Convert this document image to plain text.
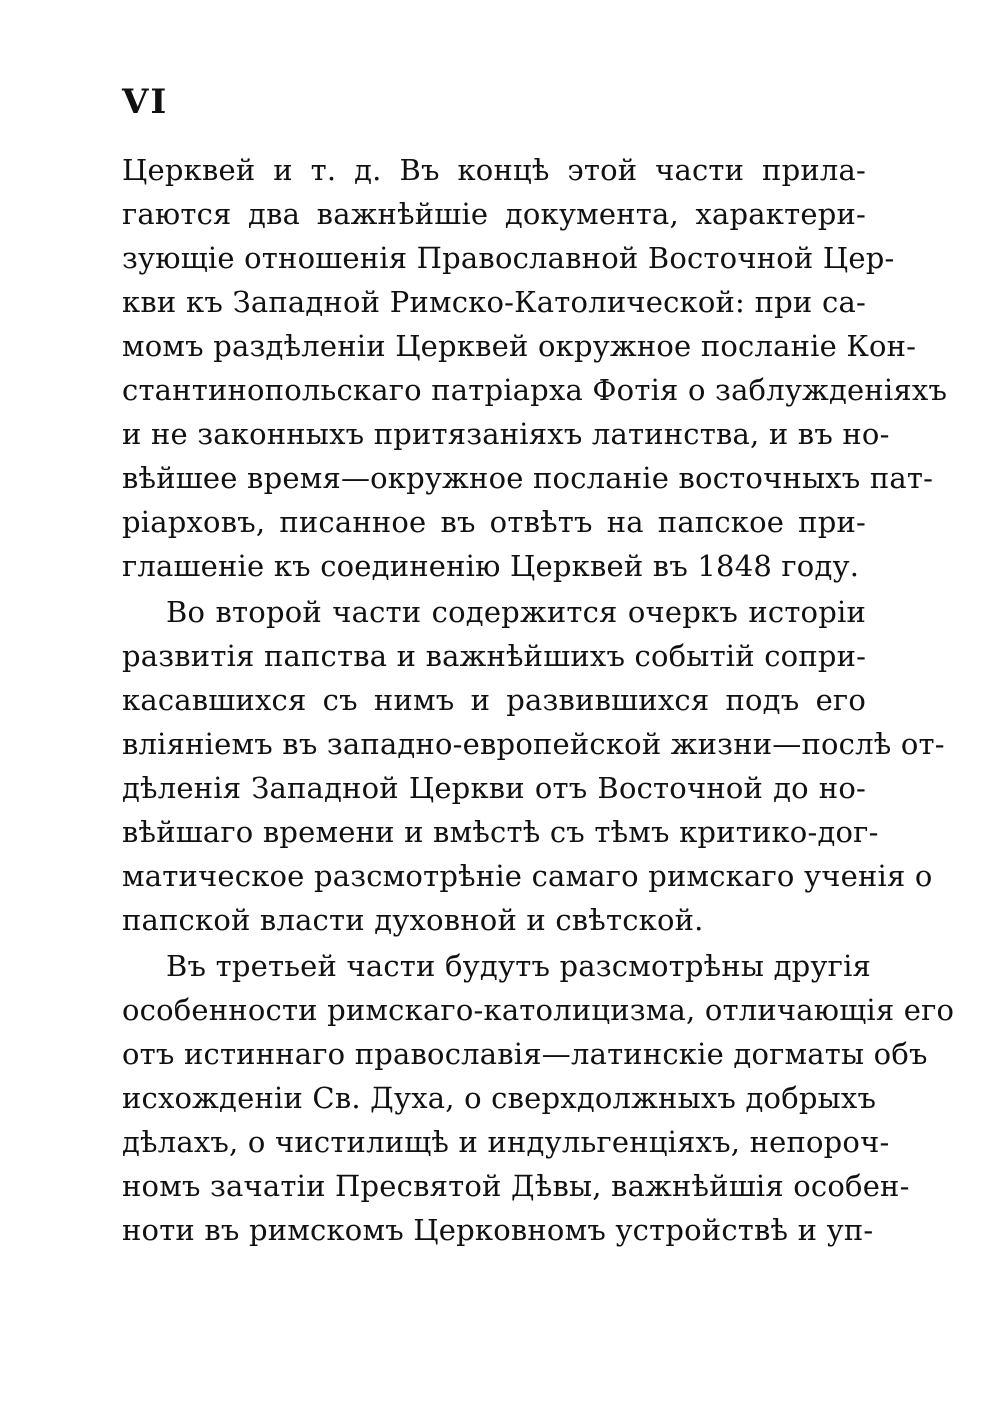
VI
Церквей и т. д. Въ концѣ этой части прила-
гаются два важнѣйшіе документа, характери-
зующіе отношенія Православной Восточной Цер-
кви къ Западной Римско-Католической: при са-
момъ раздѣленіи Церквей окружное посланіе Кон-
стантинопольскаго патріарха Фотія о заблужденіяхъ
и не законныхъ притязаніяхъ латинства, и въ но-
вѣйшее время—окружное посланіе восточныхъ пат-
ріарховъ, писанное въ отвѣтъ на папское при-
глашеніе къ соединенію Церквей въ 1848 году.
Во второй части содержится очеркъ исторіи
развитія папства и важнѣйшихъ событій сопри-
касавшихся съ нимъ и развившихся подъ его
вліяніемъ въ западно-европейской жизни—послѣ от-
дѣленія Западной Церкви отъ Восточной до но-
вѣйшаго времени и вмѣстѣ съ тѣмъ критико-дог-
матическое разсмотрѣніе самаго римскаго ученія о
папской власти духовной и свѣтской.
Въ третьей части будутъ разсмотрѣны другія
особенности римскаго-католицизма, отличающія его
отъ истиннаго православія—латинскіе догматы объ
исхожденіи Св. Духа, о сверхдолжныхъ добрыхъ
дѣлахъ, о чистилищѣ и индульгенціяхъ, непороч-
номъ зачатіи Пресвятой Дѣвы, важнѣйшія особен-
ноти въ римскомъ Церковномъ устройствѣ и уп-
